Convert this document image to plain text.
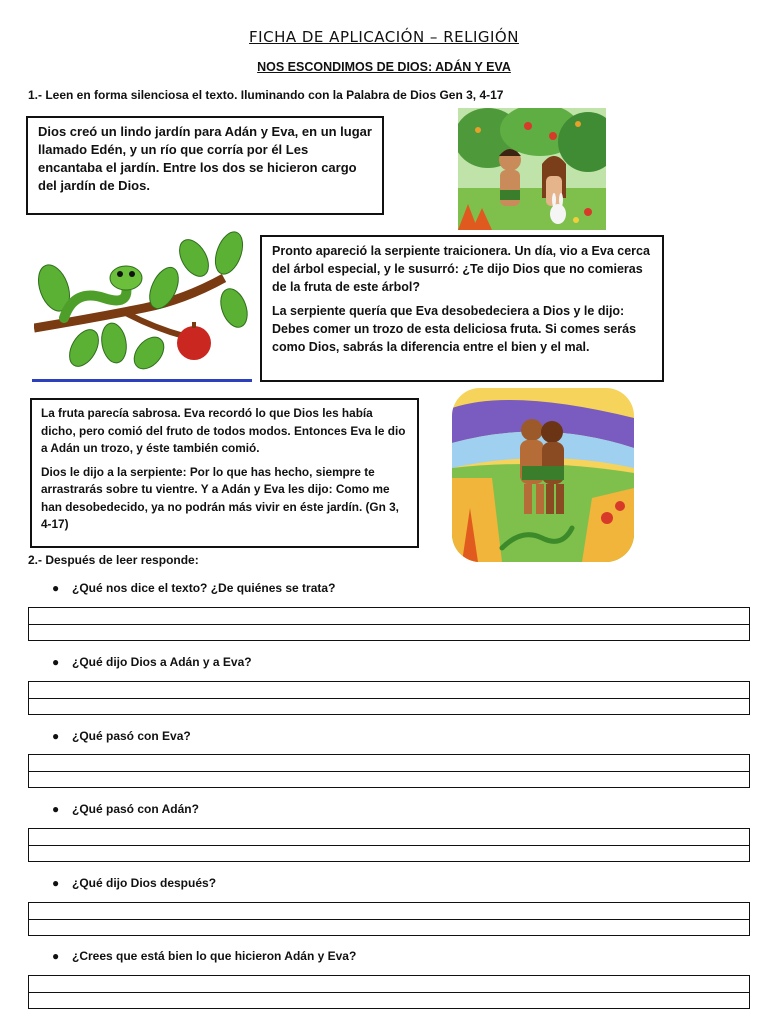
FICHA DE APLICACIÓN – RELIGIÓN
NOS ESCONDIMOS DE DIOS: ADÁN Y EVA
1.- Leen en forma silenciosa el texto. Iluminando con la Palabra de Dios Gen 3, 4-17
Dios creó un lindo jardín para Adán y Eva, en un lugar llamado Edén, y un río que corría por él Les encantaba el jardín. Entre los dos se hicieron cargo del jardín de Dios.

Pronto apareció la serpiente traicionera. Un día, vio a Eva cerca del árbol especial, y le susurró: ¿Te dijo Dios que no comieras de la fruta de este árbol?

La serpiente quería que Eva desobedeciera a Dios y le dijo: Debes comer un trozo de esta deliciosa fruta. Si comes serás como Dios, sabrás la diferencia entre el bien y el mal.

La fruta parecía sabrosa. Eva recordó lo que Dios les había dicho, pero comió del fruto de todos modos. Entonces Eva le dio a Adán un trozo, y éste también comió.

Dios le dijo a la serpiente: Por lo que has hecho, siempre te arrastrarás sobre tu vientre. Y a Adán y Eva les dijo: Como me han desobedecido, ya no podrán más vivir en éste jardín. (Gn 3, 4-17)

2.- Después de leer responde:
● ¿Qué nos dice el texto? ¿De quiénes se trata?
● ¿Qué dijo Dios a Adán y a Eva?
● ¿Qué pasó con Eva?
● ¿Qué pasó con Adán?
● ¿Qué dijo Dios después?
● ¿Crees que está bien lo que hicieron Adán y Eva?
